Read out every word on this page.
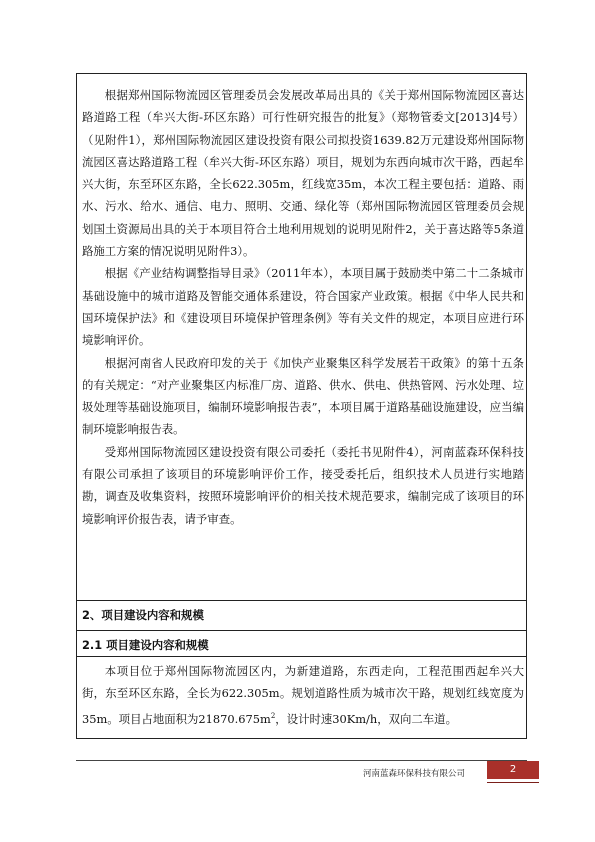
根据郑州国际物流园区管理委员会发展改革局出具的《关于郑州国际物流园区喜达路道路工程（牟兴大街-环区东路）可行性研究报告的批复》（郑物管委文[2013]4号）（见附件1），郑州国际物流园区建设投资有限公司拟投资1639.82万元建设郑州国际物流园区喜达路道路工程（牟兴大街-环区东路）项目，规划为东西向城市次干路，西起牟兴大街，东至环区东路，全长622.305m，红线宽35m，本次工程主要包括：道路、雨水、污水、给水、通信、电力、照明、交通、绿化等（郑州国际物流园区管理委员会规划国土资源局出具的关于本项目符合土地利用规划的说明见附件2，关于喜达路等5条道路施工方案的情况说明见附件3）。

根据《产业结构调整指导目录》（2011年本），本项目属于鼓励类中第二十二条城市基础设施中的城市道路及智能交通体系建设，符合国家产业政策。根据《中华人民共和国环境保护法》和《建设项目环境保护管理条例》等有关文件的规定，本项目应进行环境影响评价。

根据河南省人民政府印发的关于《加快产业聚集区科学发展若干政策》的第十五条的有关规定：“对产业聚集区内标准厂房、道路、供水、供电、供热管网、污水处理、垃圾处理等基础设施项目，编制环境影响报告表”，本项目属于道路基础设施建设，应当编制环境影响报告表。

受郑州国际物流园区建设投资有限公司委托（委托书见附件4），河南蓝森环保科技有限公司承担了该项目的环境影响评价工作，接受委托后，组织技术人员进行实地踏勘，调查及收集资料，按照环境影响评价的相关技术规范要求，编制完成了该项目的环境影响评价报告表，请予审查。

2、项目建设内容和规模

2.1 项目建设内容和规模

本项目位于郑州国际物流园区内，为新建道路，东西走向，工程范围西起牟兴大街，东至环区东路，全长为622.305m。规划道路性质为城市次干路，规划红线宽度为35m。项目占地面积为$21870.675m^2$，设计时速30Km/h，双向二车道。

河南蓝森环保科技有限公司	2
